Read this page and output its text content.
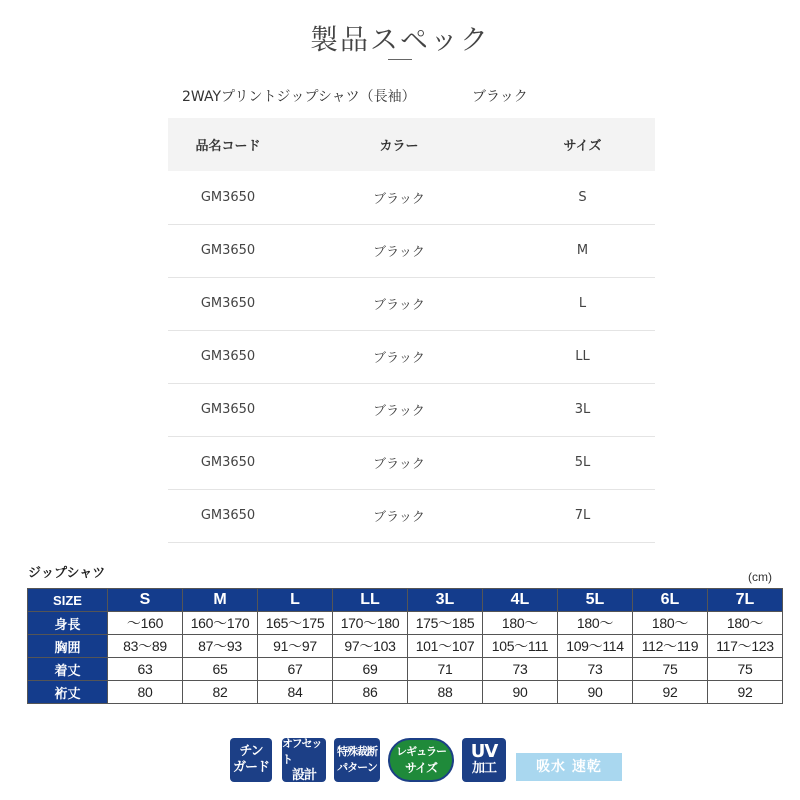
製品スペック
2WAYプリントジップシャツ（長袖）	ブラック
品名コード	カラー	サイズ
GM3650	ブラック	S
GM3650	ブラック	M
GM3650	ブラック	L
GM3650	ブラック	LL
GM3650	ブラック	3L
GM3650	ブラック	5L
GM3650	ブラック	7L
ジップシャツ	(cm)
SIZE	S	M	L	LL	3L	4L	5L	6L	7L
身長	～160	160～170	165～175	170～180	175～185	180～	180～	180～	180～
胸囲	83～89	87～93	91～97	97～103	101～107	105～111	109～114	112～119	117～123
着丈	63	65	67	69	71	73	73	75	75
裄丈	80	82	84	86	88	90	90	92	92
チン
ガード
オフセット
設計
特殊裁断
パターン
レギュラー
サイズ
UV
加工	吸水 速乾
